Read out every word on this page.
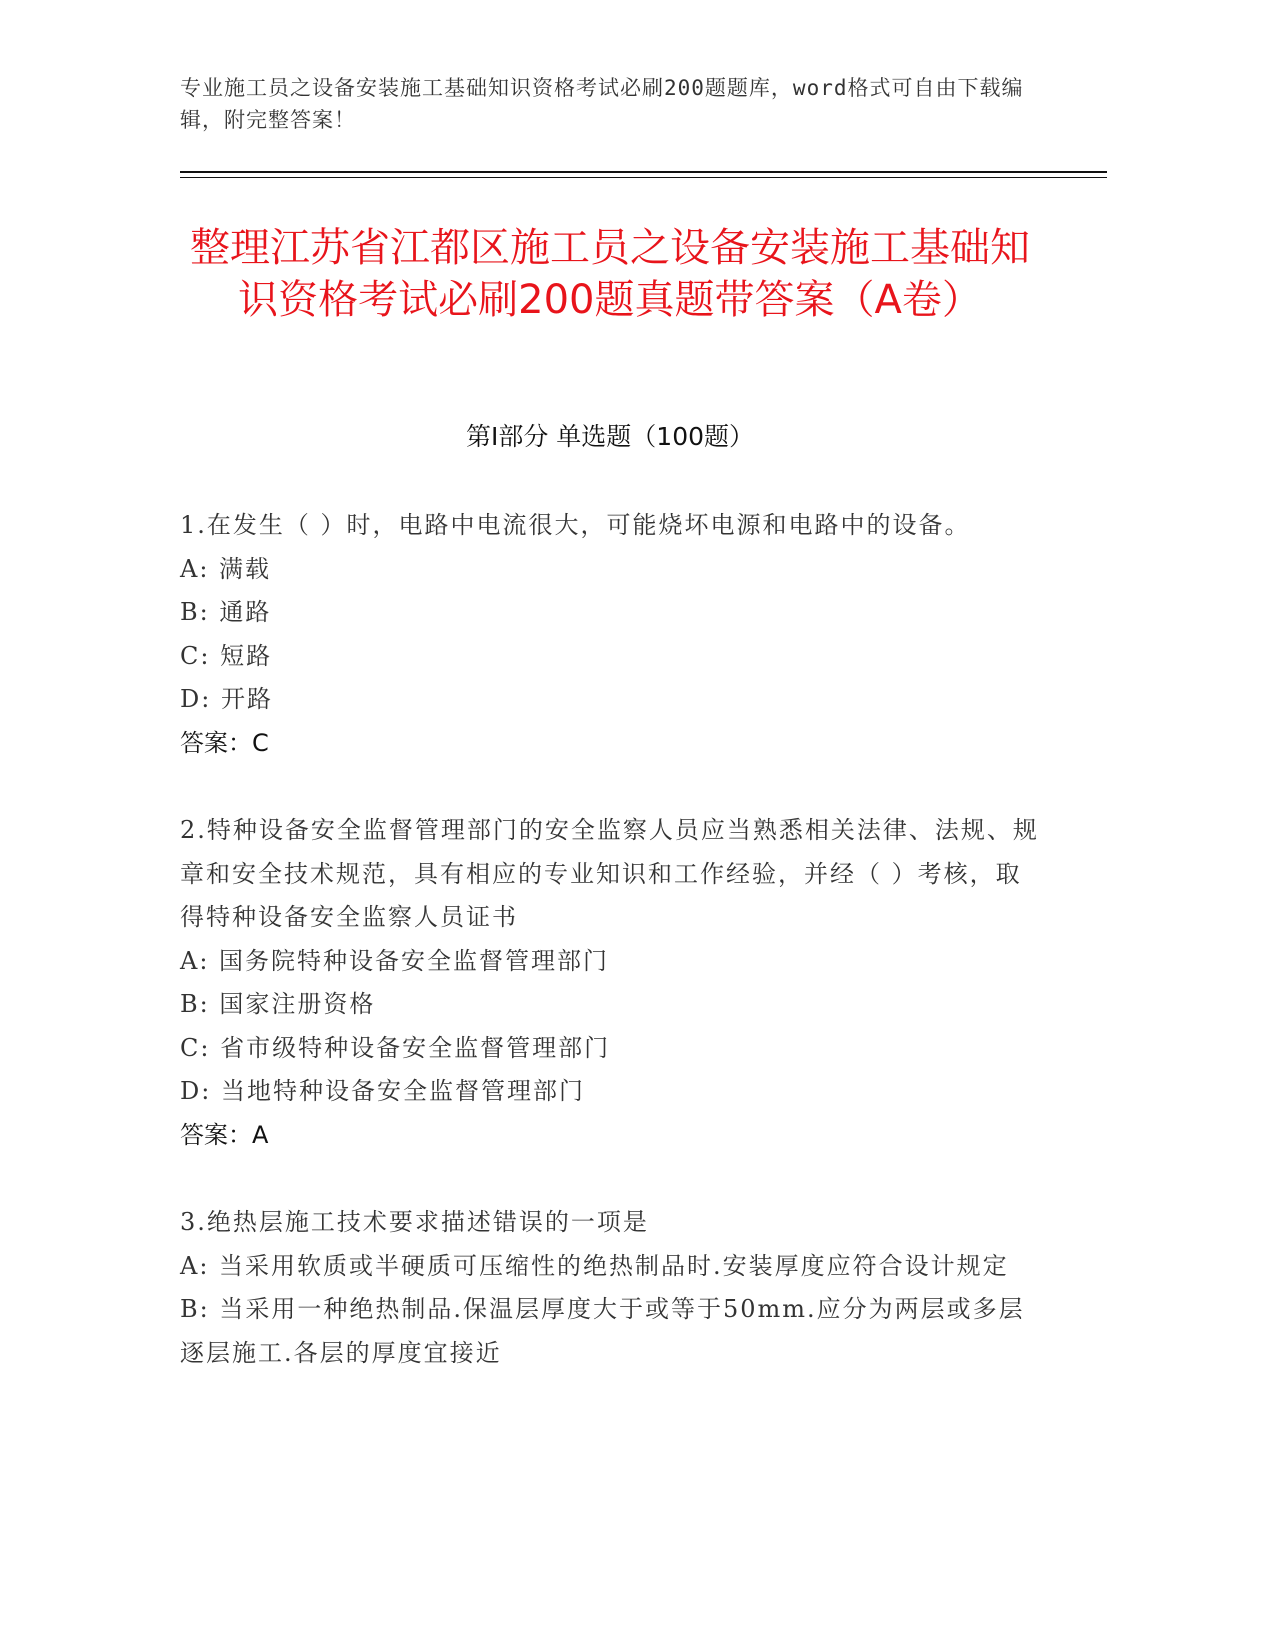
专业施工员之设备安装施工基础知识资格考试必刷200题题库，word格式可自由下载编辑，附完整答案！
整理江苏省江都区施工员之设备安装施工基础知识资格考试必刷200题真题带答案（A卷）
第I部分 单选题（100题）
1.在发生（ ）时，电路中电流很大，可能烧坏电源和电路中的设备。
A: 满载
B: 通路
C: 短路
D: 开路
答案：C
2.特种设备安全监督管理部门的安全监察人员应当熟悉相关法律、法规、规章和安全技术规范，具有相应的专业知识和工作经验，并经（ ）考核，取得特种设备安全监察人员证书
A: 国务院特种设备安全监督管理部门
B: 国家注册资格
C: 省市级特种设备安全监督管理部门
D: 当地特种设备安全监督管理部门
答案：A
3.绝热层施工技术要求描述错误的一项是
A: 当采用软质或半硬质可压缩性的绝热制品时.安装厚度应符合设计规定
B: 当采用一种绝热制品.保温层厚度大于或等于50mm.应分为两层或多层逐层施工.各层的厚度宜接近
